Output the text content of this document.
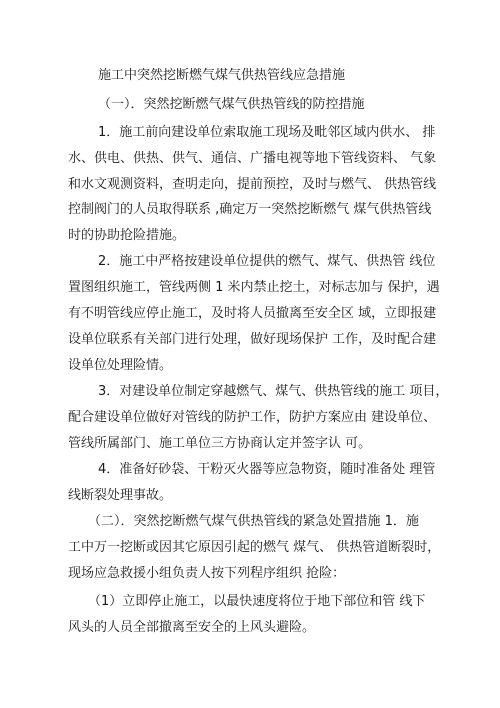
施工中突然挖断燃气煤气供热管线应急措施

（一）．突然挖断燃气煤气供热管线的防控措施

1．施工前向建设单位索取施工现场及毗邻区域内供水、 排

水、供电、供热、供气、通信、广播电视等地下管线资料、 气象

和水文观测资料，查明走向，提前预控，及时与燃气、 供热管线

控制阀门的人员取得联系 ,确定万一突然挖断燃气 煤气供热管线

时的协助抢险措施。

2．施工中严格按建设单位提供的燃气、煤气、供热管 线位

置图组织施工，管线两侧 1 米内禁止挖土，对标志加与 保护，遇

有不明管线应停止施工，及时将人员撤离至安全区 域，立即报建

设单位联系有关部门进行处理，做好现场保护 工作，及时配合建

设单位处理险情。

3．对建设单位制定穿越燃气、煤气、供热管线的施工 项目，

配合建设单位做好对管线的防护工作，防护方案应由 建设单位、

管线所属部门、施工单位三方协商认定并签字认 可。

4．准备好砂袋、干粉灭火器等应急物资，随时准备处 理管

线断裂处理事故。

（二）．突然挖断燃气煤气供热管线的紧急处置措施 1．施

工中万一挖断或因其它原因引起的燃气 煤气、 供热管道断裂时，

现场应急救援小组负责人按下列程序组织 抢险：

（1）立即停止施工，以最快速度将位于地下部位和管 线下

风头的人员全部撤离至安全的上风头避险。
